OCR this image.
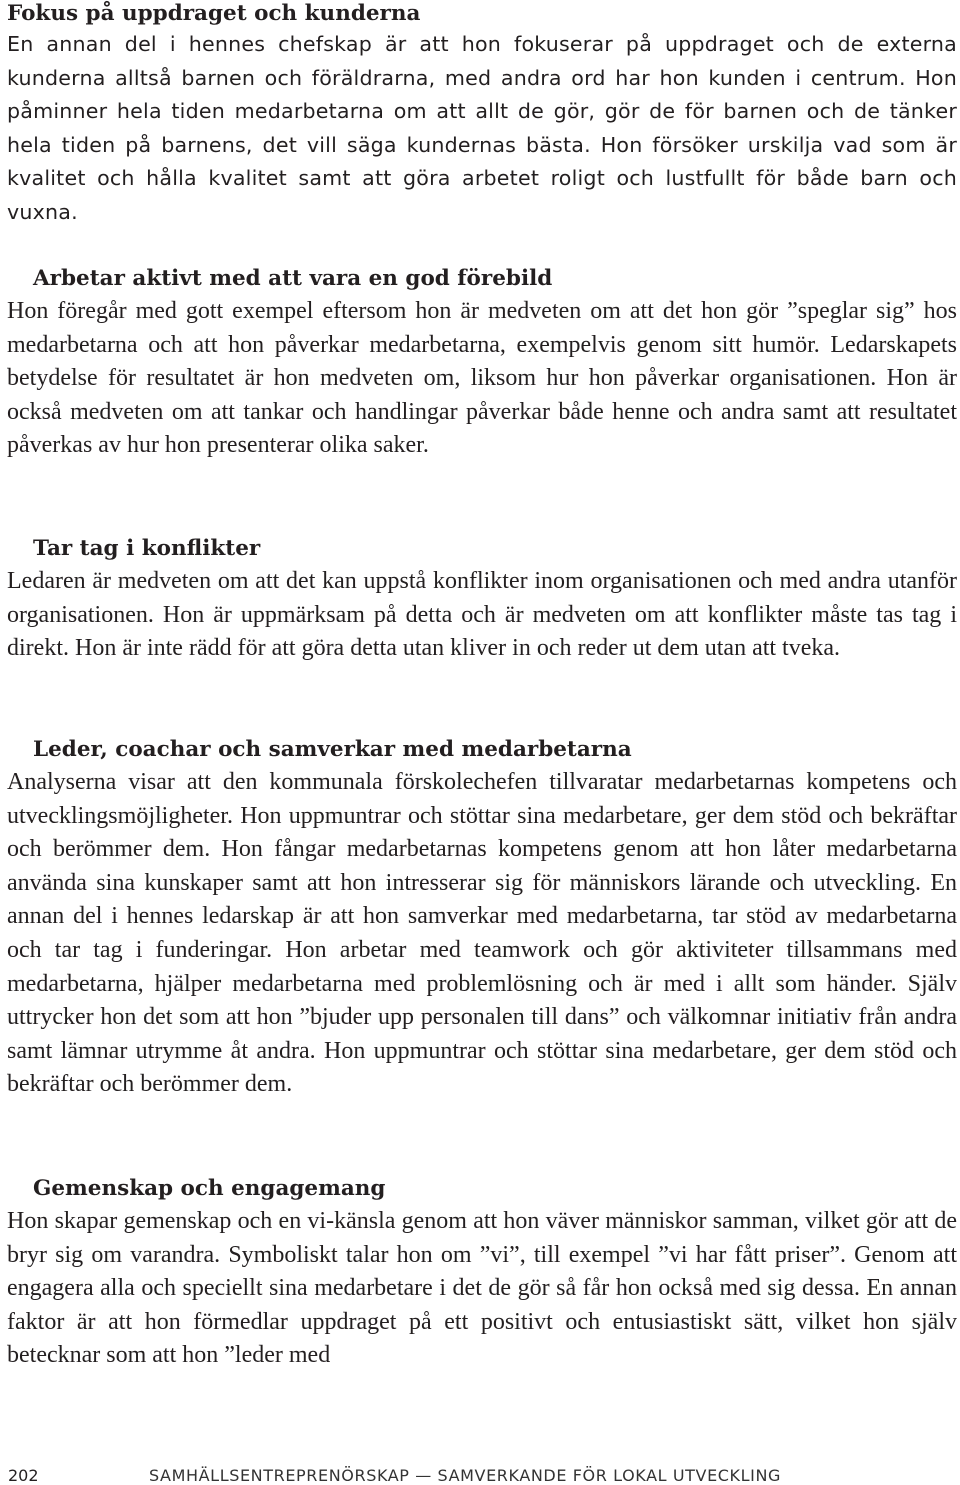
Fokus på uppdraget och kunderna

En annan del i hennes chefskap är att hon fokuserar på uppdraget och de externa kunderna alltså barnen och föräldrarna, med andra ord har hon kunden i centrum. Hon påminner hela tiden medarbetarna om att allt de gör, gör de för barnen och de tänker hela tiden på barnens, det vill säga kundernas bästa. Hon försöker urskilja vad som är kvalitet och hålla kvalitet samt att göra arbetet roligt och lustfullt för både barn och vuxna.

Arbetar aktivt med att vara en god förebild

Hon föregår med gott exempel eftersom hon är medveten om att det hon gör ”speglar sig” hos medarbetarna och att hon påverkar medarbetarna, exempelvis genom sitt humör. Ledarskapets betydelse för resultatet är hon medveten om, liksom hur hon påverkar organisationen. Hon är också medveten om att tankar och handlingar påverkar både henne och andra samt att resultatet påverkas av hur hon presenterar olika saker.

Tar tag i konflikter

Ledaren är medveten om att det kan uppstå konflikter inom organisationen och med andra utanför organisationen. Hon är uppmärksam på detta och är medveten om att konflikter måste tas tag i direkt. Hon är inte rädd för att göra detta utan kliver in och reder ut dem utan att tveka.

Leder, coachar och samverkar med medarbetarna

Analyserna visar att den kommunala förskolechefen tillvaratar medarbetarnas kompetens och utvecklingsmöjligheter. Hon uppmuntrar och stöttar sina medarbetare, ger dem stöd och bekräftar och berömmer dem. Hon fångar medarbetarnas kompetens genom att hon låter medarbetarna använda sina kunskaper samt att hon intresserar sig för människors lärande och utveckling. En annan del i hennes ledarskap är att hon samverkar med medarbetarna, tar stöd av medarbetarna och tar tag i funderingar. Hon arbetar med teamwork och gör aktiviteter tillsammans med medarbetarna, hjälper medarbetarna med problemlösning och är med i allt som händer. Själv uttrycker hon det som att hon ”bjuder upp personalen till dans” och välkomnar initiativ från andra samt lämnar utrymme åt andra. Hon uppmuntrar och stöttar sina medarbetare, ger dem stöd och bekräftar och berömmer dem.

Gemenskap och engagemang

Hon skapar gemenskap och en vi-känsla genom att hon väver människor samman, vilket gör att de bryr sig om varandra. Symboliskt talar hon om ”vi”, till exempel ”vi har fått priser”. Genom att engagera alla och speciellt sina medarbetare i det de gör så får hon också med sig dessa. En annan faktor är att hon förmedlar uppdraget på ett positivt och entusiastiskt sätt, vilket hon själv betecknar som att hon ”leder med

202	SAMHÄLLSENTREPRENÖRSKAP — SAMVERKANDE FÖR LOKAL UTVECKLING
